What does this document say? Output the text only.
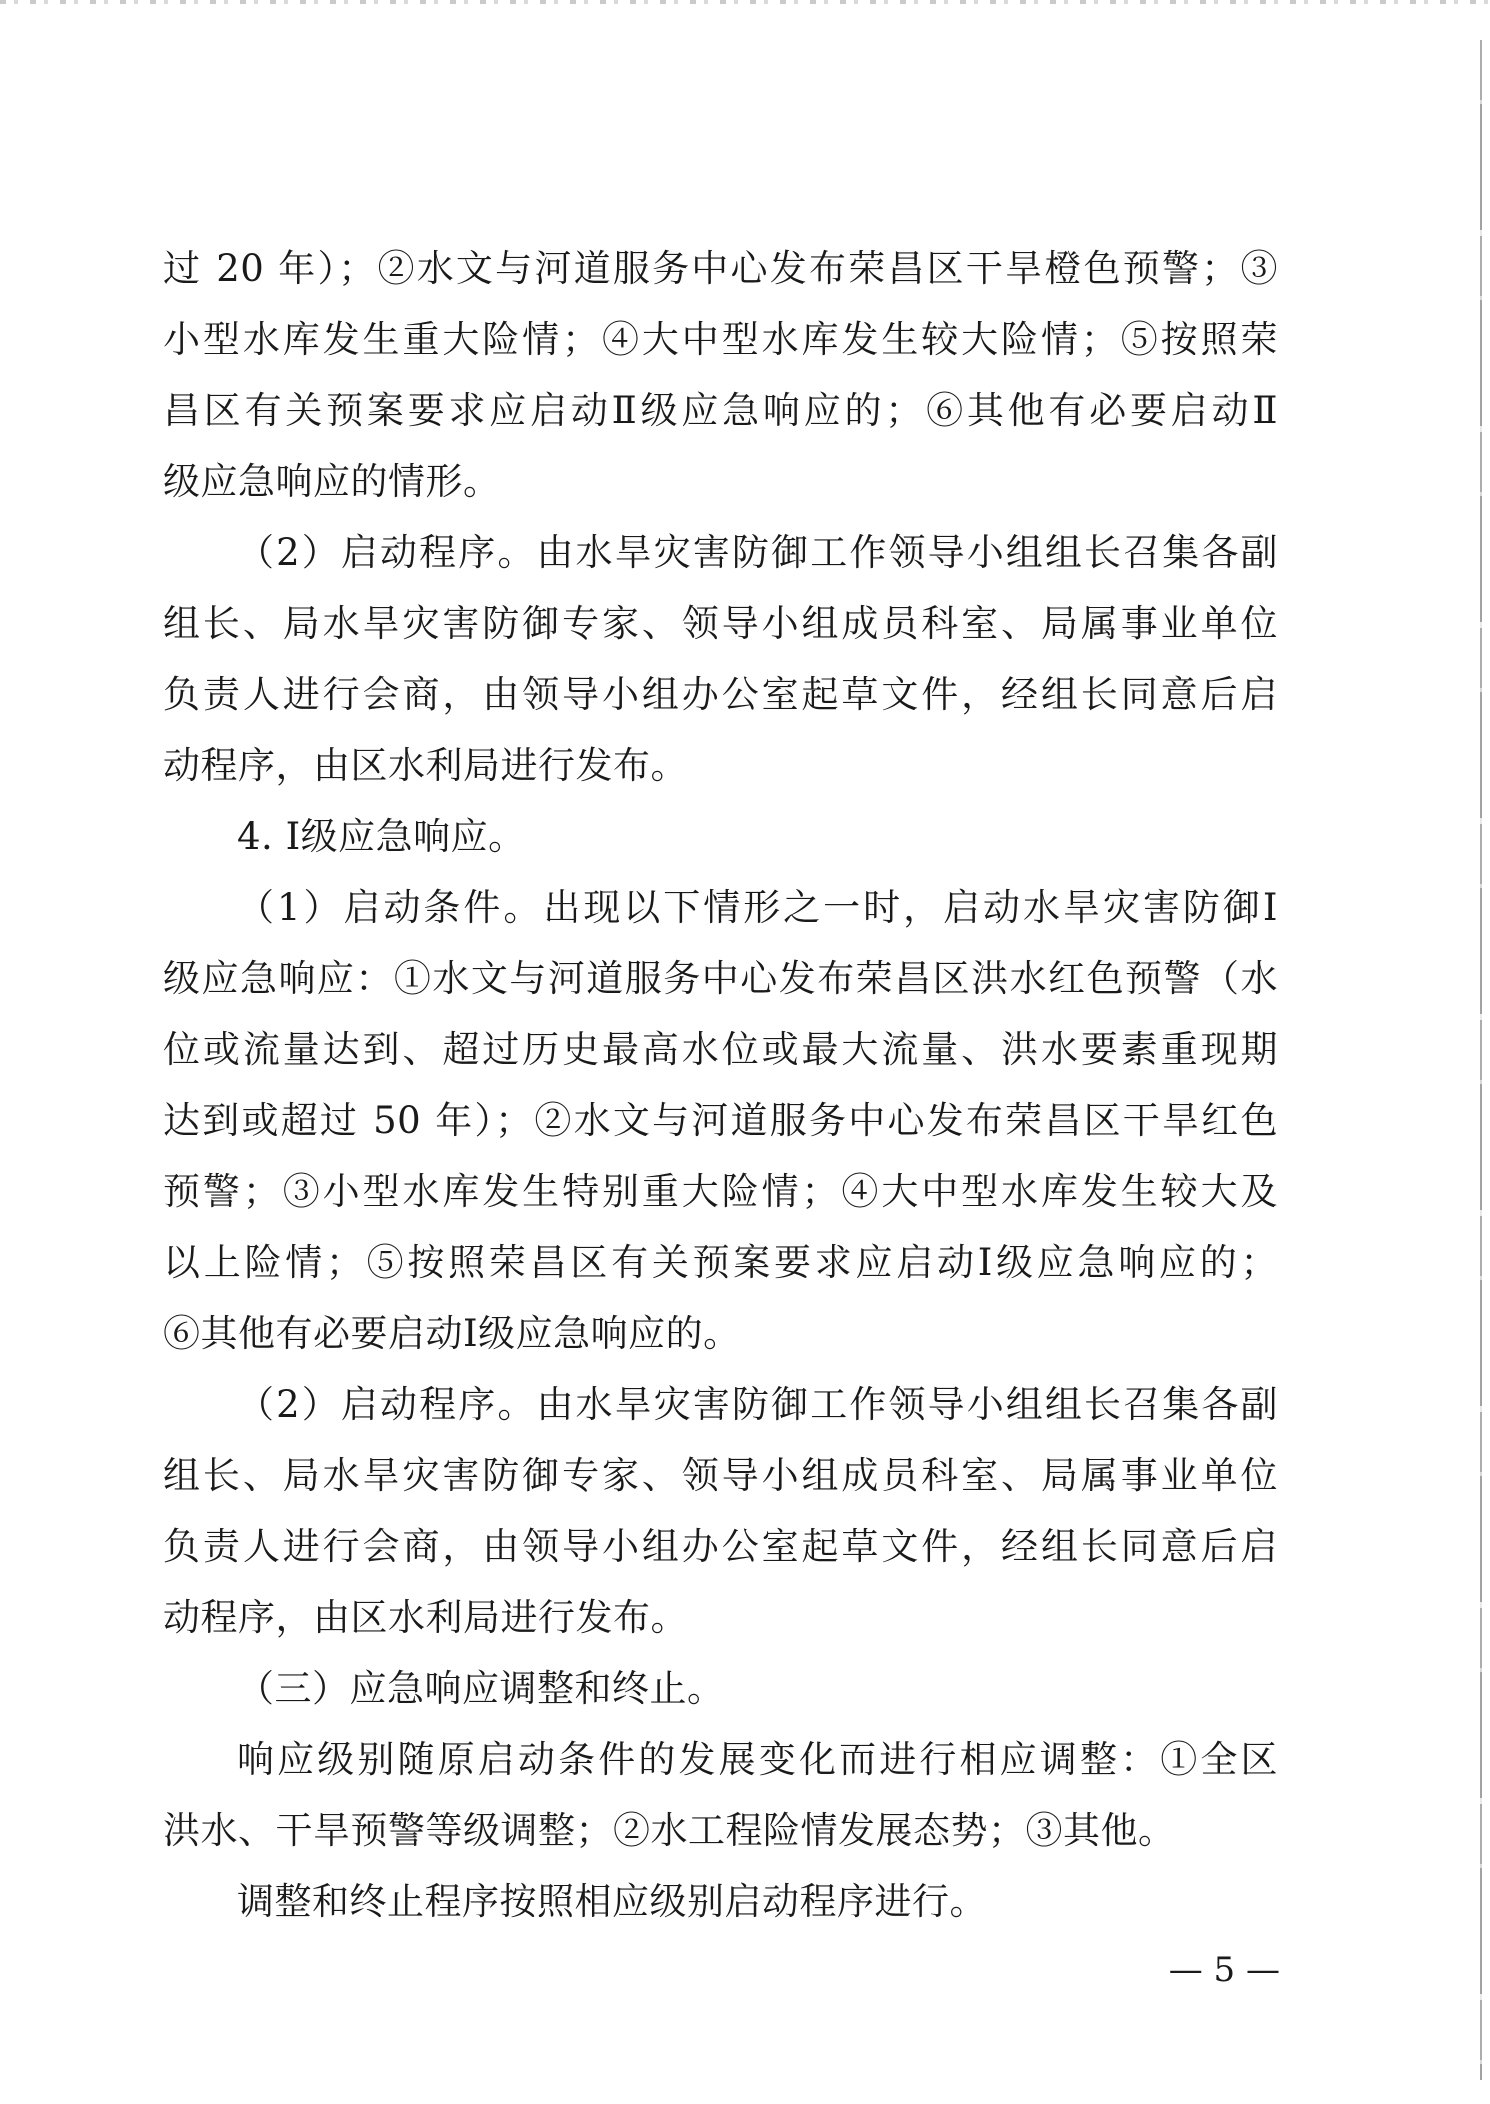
过 20 年）；②水文与河道服务中心发布荣昌区干旱橙色预警；③
小型水库发生重大险情；④大中型水库发生较大险情；⑤按照荣
昌区有关预案要求应启动Ⅱ级应急响应的；⑥其他有必要启动Ⅱ
级应急响应的情形。
（2）启动程序。由水旱灾害防御工作领导小组组长召集各副
组长、局水旱灾害防御专家、领导小组成员科室、局属事业单位
负责人进行会商，由领导小组办公室起草文件，经组长同意后启
动程序，由区水利局进行发布。
4. Ⅰ级应急响应。
（1）启动条件。出现以下情形之一时，启动水旱灾害防御Ⅰ
级应急响应：①水文与河道服务中心发布荣昌区洪水红色预警（水
位或流量达到、超过历史最高水位或最大流量、洪水要素重现期
达到或超过 50 年）；②水文与河道服务中心发布荣昌区干旱红色
预警；③小型水库发生特别重大险情；④大中型水库发生较大及
以上险情；⑤按照荣昌区有关预案要求应启动Ⅰ级应急响应的；
⑥其他有必要启动Ⅰ级应急响应的。
（2）启动程序。由水旱灾害防御工作领导小组组长召集各副
组长、局水旱灾害防御专家、领导小组成员科室、局属事业单位
负责人进行会商，由领导小组办公室起草文件，经组长同意后启
动程序，由区水利局进行发布。
（三）应急响应调整和终止。
响应级别随原启动条件的发展变化而进行相应调整：①全区
洪水、干旱预警等级调整；②水工程险情发展态势；③其他。
调整和终止程序按照相应级别启动程序进行。
— 5 —
